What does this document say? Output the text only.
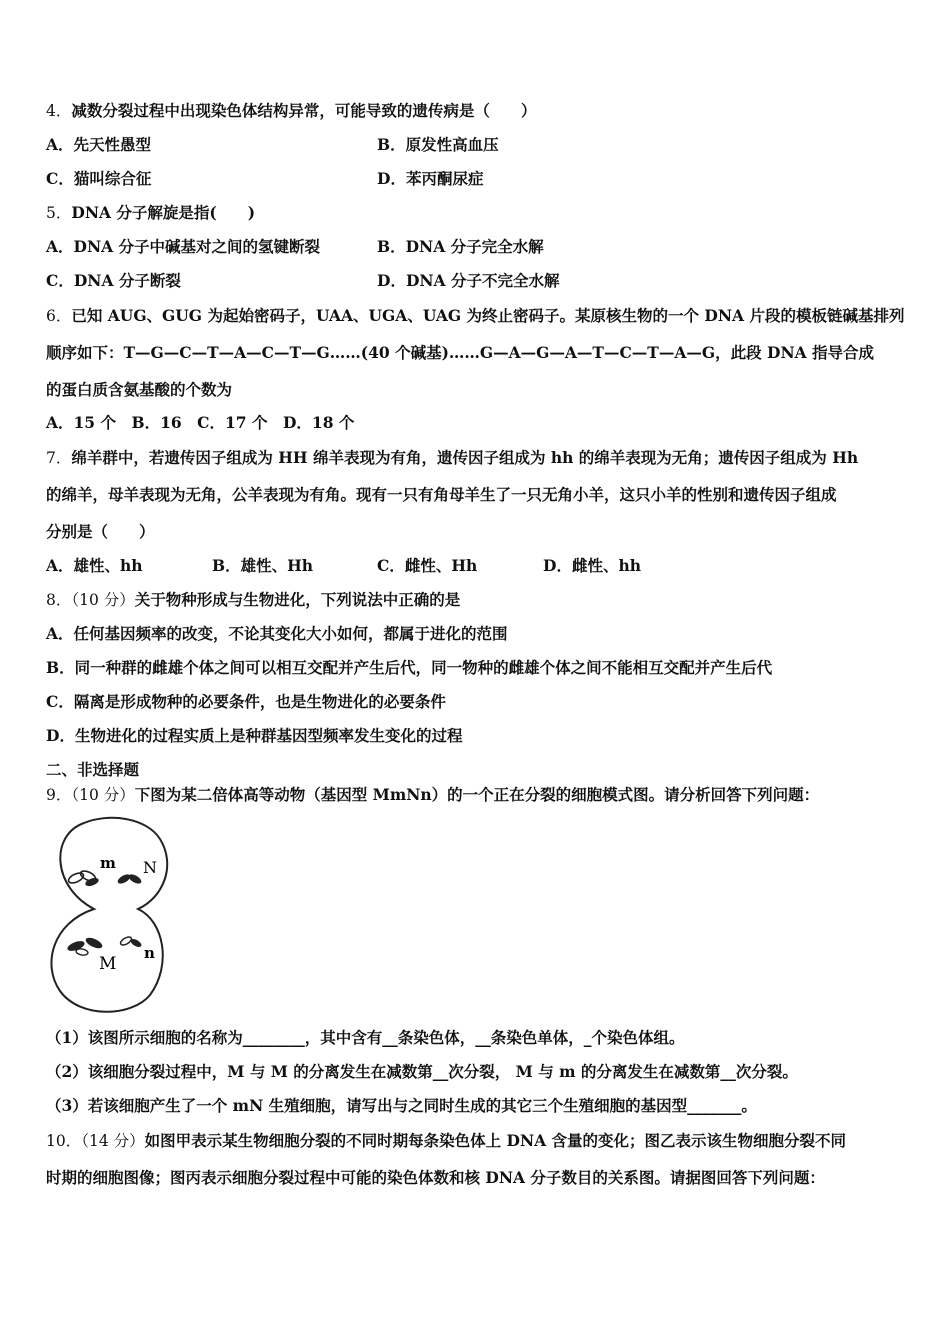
4．减数分裂过程中出现染色体结构异常，可能导致的遗传病是（　　）
A．先天性愚型	B．原发性高血压
C．猫叫综合征	D．苯丙酮尿症
5．DNA 分子解旋是指(　　)
A．DNA 分子中碱基对之间的氢键断裂	B．DNA 分子完全水解
C．DNA 分子断裂	D．DNA 分子不完全水解
6．已知 AUG、GUG 为起始密码子，UAA、UGA、UAG 为终止密码子。某原核生物的一个 DNA 片段的模板链碱基排列
顺序如下：T—G—C—T—A—C—T—G……(40 个碱基)……G—A—G—A—T—C—T—A—G，此段 DNA 指导合成
的蛋白质含氨基酸的个数为
A．15 个　B．16　C．17 个　D．18 个
7．绵羊群中，若遗传因子组成为 HH 绵羊表现为有角，遗传因子组成为 hh 的绵羊表现为无角；遗传因子组成为 Hh
的绵羊，母羊表现为无角，公羊表现为有角。现有一只有角母羊生了一只无角小羊，这只小羊的性别和遗传因子组成
分别是（　　）
A．雄性、hh	B．雄性、Hh	C．雌性、Hh	D．雌性、hh
8．（10 分）关于物种形成与生物进化，下列说法中正确的是
A．任何基因频率的改变，不论其变化大小如何，都属于进化的范围
B．同一种群的雌雄个体之间可以相互交配并产生后代，同一物种的雌雄个体之间不能相互交配并产生后代
C．隔离是形成物种的必要条件，也是生物进化的必要条件
D．生物进化的过程实质上是种群基因型频率发生变化的过程
二、非选择题
9．（10 分）下图为某二倍体高等动物（基因型 MmNn）的一个正在分裂的细胞模式图。请分析回答下列问题：
m N
M
n
（1）该图所示细胞的名称为________，其中含有__条染色体，__条染色单体，_个染色体组。
（2）该细胞分裂过程中，M 与 M 的分离发生在减数第__次分裂， M 与 m 的分离发生在减数第__次分裂。
（3）若该细胞产生了一个 mN 生殖细胞，请写出与之同时生成的其它三个生殖细胞的基因型_______。
10．（14 分）如图甲表示某生物细胞分裂的不同时期每条染色体上 DNA 含量的变化；图乙表示该生物细胞分裂不同
时期的细胞图像；图丙表示细胞分裂过程中可能的染色体数和核 DNA 分子数目的关系图。请据图回答下列问题：
